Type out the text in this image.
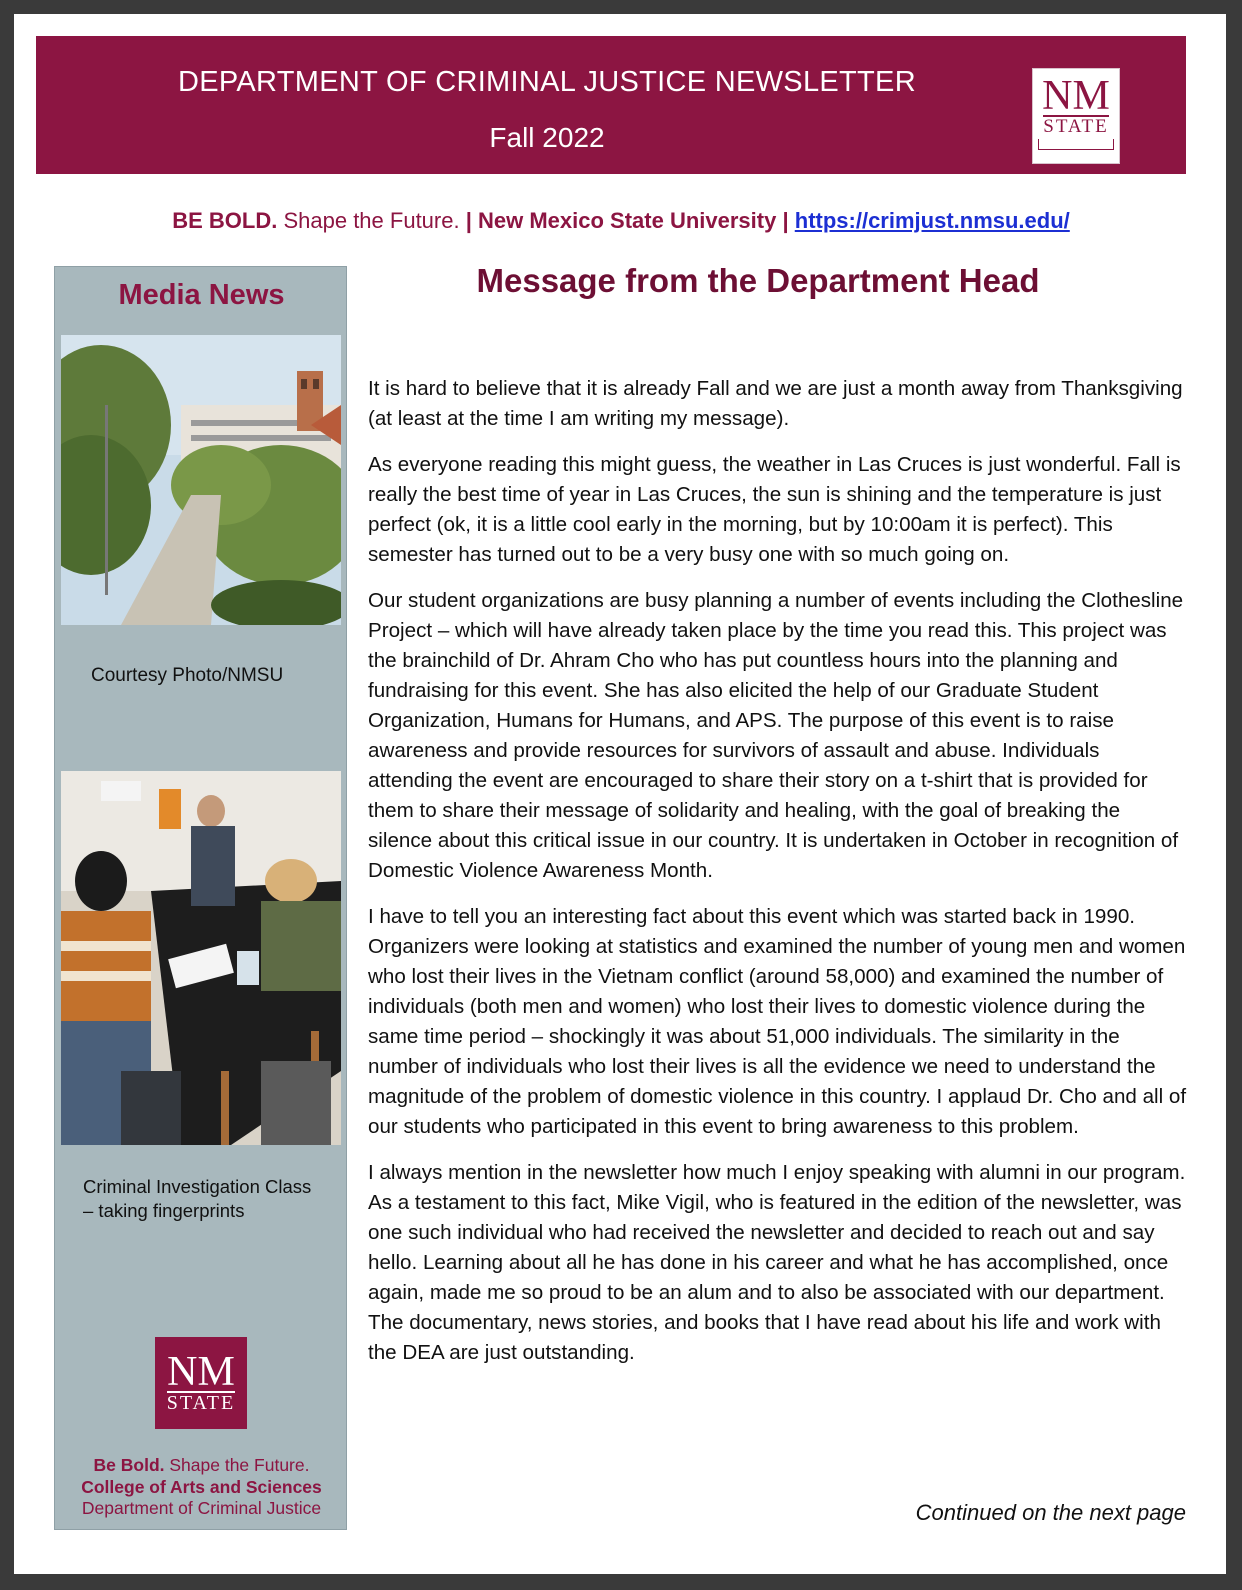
DEPARTMENT OF CRIMINAL JUSTICE NEWSLETTER
Fall 2022
NM
STATE
BE BOLD. Shape the Future. | New Mexico State University | https://crimjust.nmsu.edu/
Media News
Courtesy Photo/NMSU
Criminal Investigation Class – taking fingerprints
NM
STATE
Be Bold. Shape the Future.
College of Arts and Sciences
Department of Criminal Justice
Message from the Department Head

It is hard to believe that it is already Fall and we are just a month away from Thanksgiving (at least at the time I am writing my message).

As everyone reading this might guess, the weather in Las Cruces is just wonderful. Fall is really the best time of year in Las Cruces, the sun is shining and the temperature is just perfect (ok, it is a little cool early in the morning, but by 10:00am it is perfect). This semester has turned out to be a very busy one with so much going on.

Our student organizations are busy planning a number of events including the Clothesline Project – which will have already taken place by the time you read this. This project was the brainchild of Dr. Ahram Cho who has put countless hours into the planning and fundraising for this event. She has also elicited the help of our Graduate Student Organization, Humans for Humans, and APS. The purpose of this event is to raise awareness and provide resources for survivors of assault and abuse. Individuals attending the event are encouraged to share their story on a t-shirt that is provided for them to share their message of solidarity and healing, with the goal of breaking the silence about this critical issue in our country. It is undertaken in October in recognition of Domestic Violence Awareness Month.

I have to tell you an interesting fact about this event which was started back in 1990. Organizers were looking at statistics and examined the number of young men and women who lost their lives in the Vietnam conflict (around 58,000) and examined the number of individuals (both men and women) who lost their lives to domestic violence during the same time period – shockingly it was about 51,000 individuals. The similarity in the number of individuals who lost their lives is all the evidence we need to understand the magnitude of the problem of domestic violence in this country. I applaud Dr. Cho and all of our students who participated in this event to bring awareness to this problem.

I always mention in the newsletter how much I enjoy speaking with alumni in our program. As a testament to this fact, Mike Vigil, who is featured in the edition of the newsletter, was one such individual who had received the newsletter and decided to reach out and say hello. Learning about all he has done in his career and what he has accomplished, once again, made me so proud to be an alum and to also be associated with our department. The documentary, news stories, and books that I have read about his life and work with the DEA are just outstanding.

Continued on the next page
